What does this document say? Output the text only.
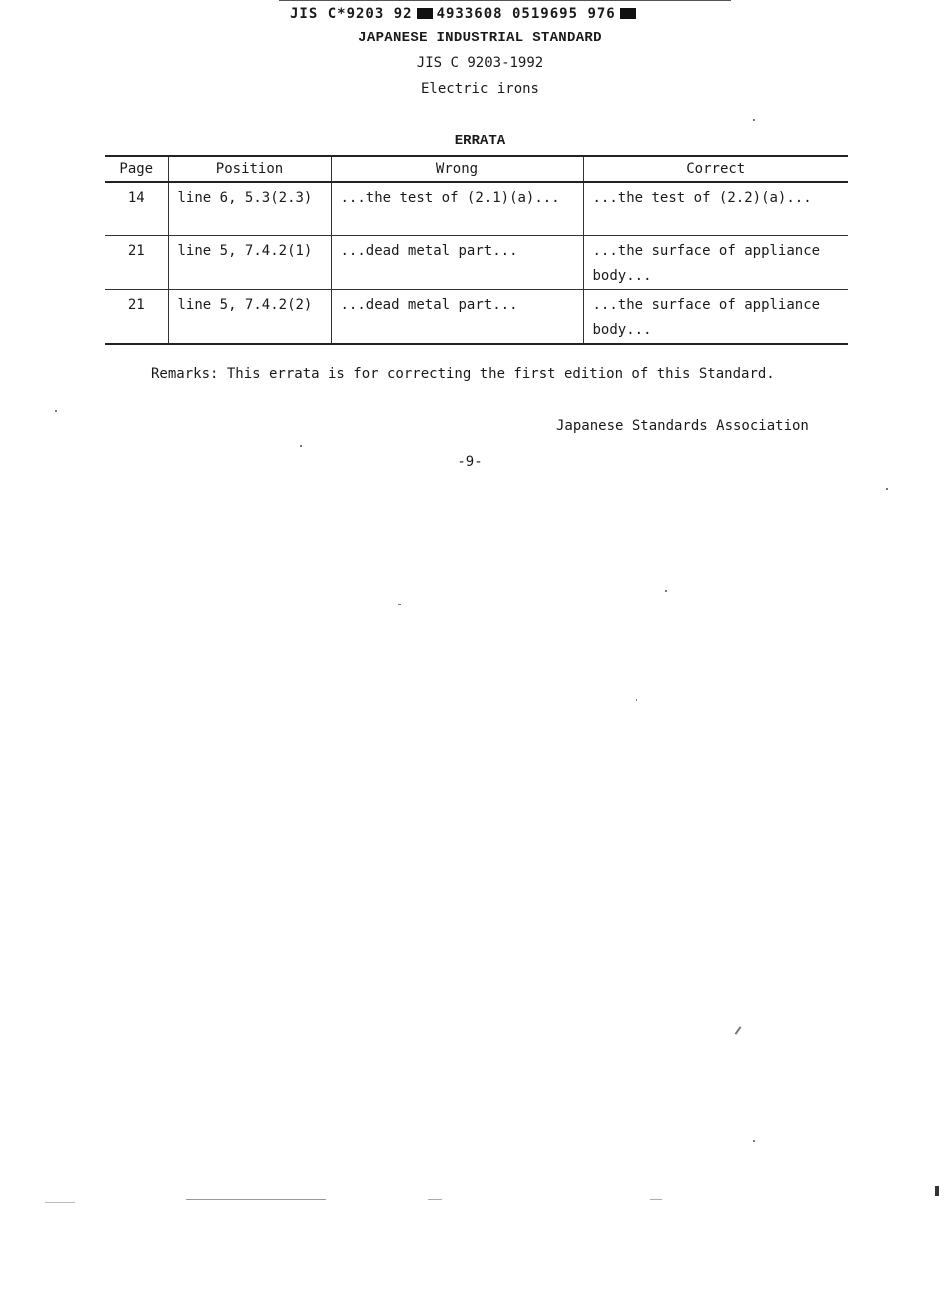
JIS C*9203 92 4933608 0519695 976
JAPANESE INDUSTRIAL STANDARD
JIS C 9203-1992
Electric irons
ERRATA
Page	Position	Wrong	Correct
14	line 6, 5.3(2.3)	...the test of (2.1)(a)...	...the test of (2.2)(a)...
21	line 5, 7.4.2(1)	...dead metal part...	...the surface of appliance body...
21	line 5, 7.4.2(2)	...dead metal part...	...the surface of appliance body...
Remarks: This errata is for correcting the first edition of this Standard.
Japanese Standards Association
-9-
